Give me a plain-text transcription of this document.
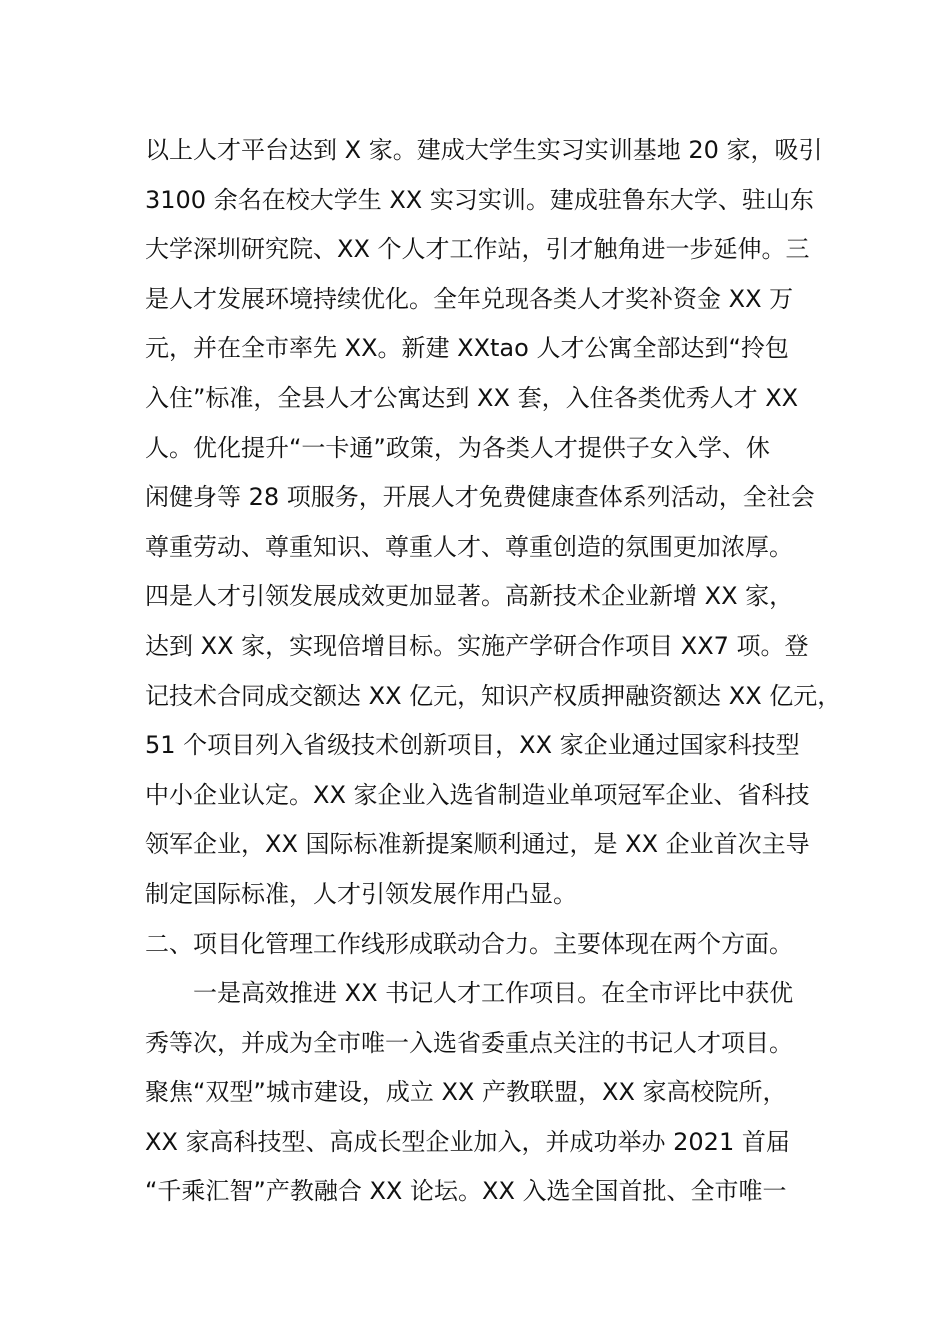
以上人才平台达到 X 家。建成大学生实习实训基地 20 家，吸引
3100 余名在校大学生 XX 实习实训。建成驻鲁东大学、驻山东
大学深圳研究院、XX 个人才工作站，引才触角进一步延伸。三
是人才发展环境持续优化。全年兑现各类人才奖补资金 XX 万
元，并在全市率先 XX。新建 XXtao 人才公寓全部达到“拎包
入住”标准，全县人才公寓达到 XX 套，入住各类优秀人才 XX
人。优化提升“一卡通”政策，为各类人才提供子女入学、休
闲健身等 28 项服务，开展人才免费健康查体系列活动，全社会
尊重劳动、尊重知识、尊重人才、尊重创造的氛围更加浓厚。
四是人才引领发展成效更加显著。高新技术企业新增 XX 家，
达到 XX 家，实现倍增目标。实施产学研合作项目 XX7 项。登
记技术合同成交额达 XX 亿元，知识产权质押融资额达 XX 亿元，
51 个项目列入省级技术创新项目，XX 家企业通过国家科技型
中小企业认定。XX 家企业入选省制造业单项冠军企业、省科技
领军企业，XX 国际标准新提案顺利通过，是 XX 企业首次主导
制定国际标准，人才引领发展作用凸显。
二、项目化管理工作线形成联动合力。主要体现在两个方面。
　　一是高效推进 XX 书记人才工作项目。在全市评比中获优
秀等次，并成为全市唯一入选省委重点关注的书记人才项目。
聚焦“双型”城市建设，成立 XX 产教联盟，XX 家高校院所，
XX 家高科技型、高成长型企业加入，并成功举办 2021 首届
“千乘汇智”产教融合 XX 论坛。XX 入选全国首批、全市唯一
